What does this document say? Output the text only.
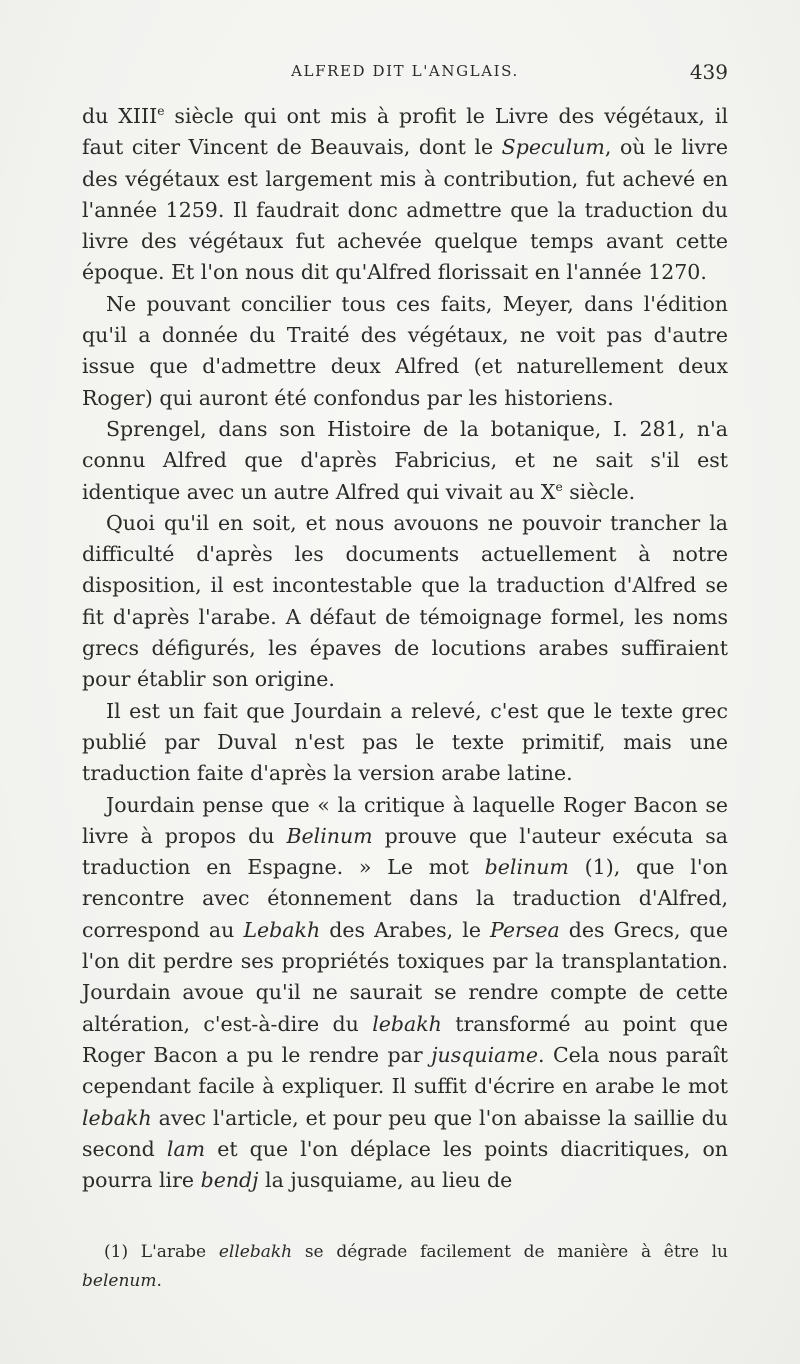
ALFRED DIT L'ANGLAIS.	439

du XIIIe siècle qui ont mis à profit le Livre des végétaux, il faut citer Vincent de Beauvais, dont le Speculum, où le livre des végétaux est largement mis à contribution, fut achevé en l'année 1259. Il faudrait donc admettre que la traduction du livre des végétaux fut achevée quelque temps avant cette époque. Et l'on nous dit qu'Alfred florissait en l'année 1270.

Ne pouvant concilier tous ces faits, Meyer, dans l'édition qu'il a donnée du Traité des végétaux, ne voit pas d'autre issue que d'admettre deux Alfred (et naturellement deux Roger) qui auront été confondus par les historiens.

Sprengel, dans son Histoire de la botanique, I. 281, n'a connu Alfred que d'après Fabricius, et ne sait s'il est identique avec un autre Alfred qui vivait au Xe siècle.

Quoi qu'il en soit, et nous avouons ne pouvoir trancher la difficulté d'après les documents actuellement à notre disposition, il est incontestable que la traduction d'Alfred se fit d'après l'arabe. A défaut de témoignage formel, les noms grecs défigurés, les épaves de locutions arabes suffiraient pour établir son origine.

Il est un fait que Jourdain a relevé, c'est que le texte grec publié par Duval n'est pas le texte primitif, mais une traduction faite d'après la version arabe latine.

Jourdain pense que « la critique à laquelle Roger Bacon se livre à propos du Belinum prouve que l'auteur exécuta sa traduction en Espagne. » Le mot belinum (1), que l'on rencontre avec étonnement dans la traduction d'Alfred, correspond au Lebakh des Arabes, le Persea des Grecs, que l'on dit perdre ses propriétés toxiques par la transplantation. Jourdain avoue qu'il ne saurait se rendre compte de cette altération, c'est-à-dire du lebakh transformé au point que Roger Bacon a pu le rendre par jusquiame. Cela nous paraît cependant facile à expliquer. Il suffit d'écrire en arabe le mot lebakh avec l'article, et pour peu que l'on abaisse la saillie du second lam et que l'on déplace les points diacritiques, on pourra lire bendj la jusquiame, au lieu de

(1) L'arabe ellebakh se dégrade facilement de manière à être lu belenum.
